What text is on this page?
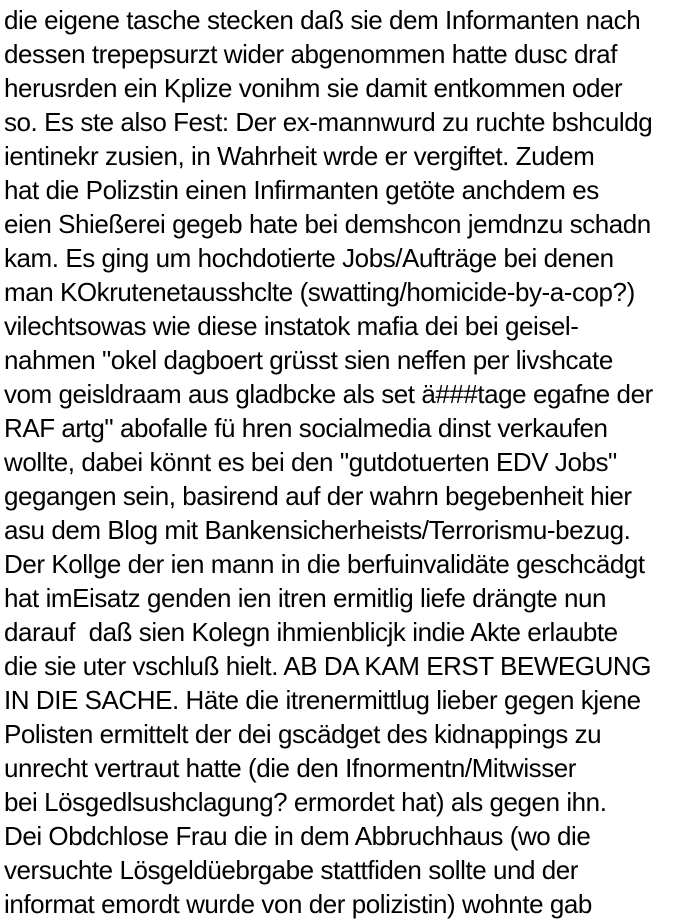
die eigene tasche stecken daß sie dem Informanten nach
dessen trepepsurzt wider abgenommen hatte dusc draf
herusrden ein Kplize vonihm sie damit entkommen oder
so. Es ste also Fest: Der ex-mannwurd zu ruchte bshculdg
ientinekr zusien, in Wahrheit wrde er vergiftet. Zudem
hat die Polizstin einen Infirmanten getöte anchdem es
eien Shießerei gegeb hate bei demshcon jemdnzu schadn
kam. Es ging um hochdotierte Jobs/Aufträge bei denen
man KOkrutenetausshclte (swatting/homicide-by-a-cop?)
vilechtsowas wie diese instatok mafia dei bei geisel-
nahmen "okel dagboert grüsst sien neffen per livshcate
vom geisldraam aus gladbcke als set ä###tage egafne der
RAF artg" abofalle fü hren socialmedia dinst verkaufen
wollte, dabei könnt es bei den "gutdotuerten EDV Jobs"
gegangen sein, basirend auf der wahrn begebenheit hier
asu dem Blog mit Bankensicherheists/Terrorismu-bezug.
Der Kollge der ien mann in die berfuinvalidäte geschcädgt
hat imEisatz genden ien itren ermitlig liefe drängte nun
darauf  daß sien Kolegn ihmienblicjk indie Akte erlaubte
die sie uter vschluß hielt. AB DA KAM ERST BEWEGUNG
IN DIE SACHE. Häte die itrenermittlug lieber gegen kjene
Polisten ermittelt der dei gscädget des kidnappings zu
unrecht vertraut hatte (die den Ifnormentn/Mitwisser
bei Lösgedlsushclagung? ermordet hat) als gegen ihn.
Dei Obdchlose Frau die in dem Abbruchhaus (wo die
versuchte Lösgeldüebrgabe stattfiden sollte und der
informat emordt wurde von der polizistin) wohnte gab
